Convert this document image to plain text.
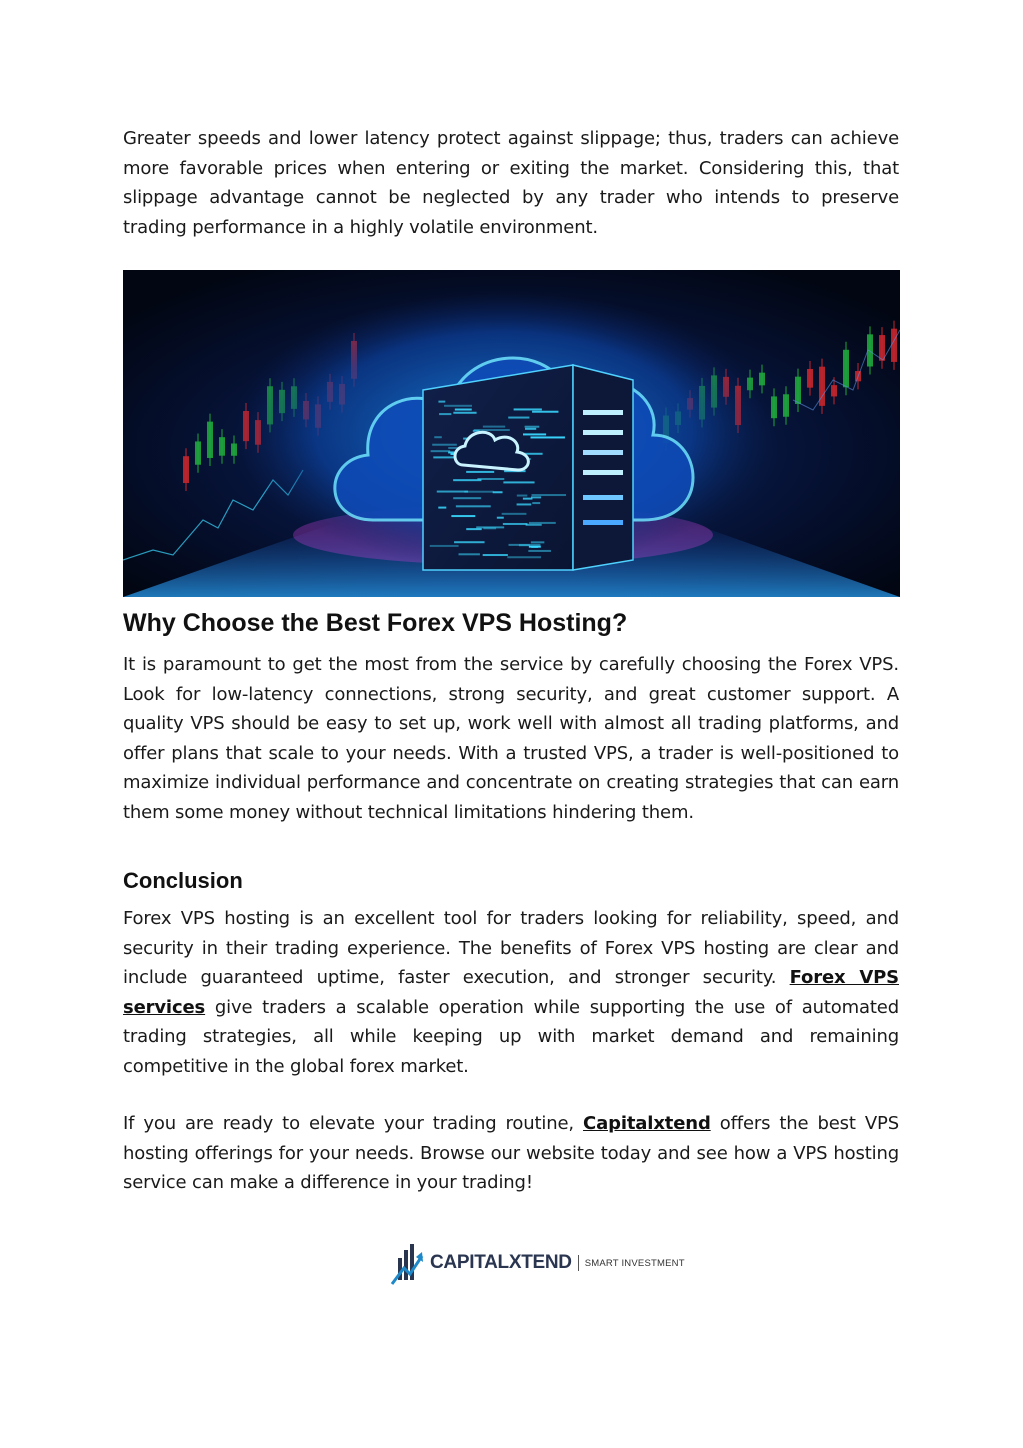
Greater speeds and lower latency protect against slippage; thus, traders can achieve more favorable prices when entering or exiting the market. Considering this, that slippage advantage cannot be neglected by any trader who intends to preserve trading performance in a highly volatile environment.

Why Choose the Best Forex VPS Hosting?

It is paramount to get the most from the service by carefully choosing the Forex VPS. Look for low-latency connections, strong security, and great customer support. A quality VPS should be easy to set up, work well with almost all trading platforms, and offer plans that scale to your needs. With a trusted VPS, a trader is well-positioned to maximize individual performance and concentrate on creating strategies that can earn them some money without technical limitations hindering them.

Conclusion

Forex VPS hosting is an excellent tool for traders looking for reliability, speed, and security in their trading experience. The benefits of Forex VPS hosting are clear and include guaranteed uptime, faster execution, and stronger security. Forex VPS services give traders a scalable operation while supporting the use of automated trading strategies, all while keeping up with market demand and remaining competitive in the global forex market.

If you are ready to elevate your trading routine, Capitalxtend offers the best VPS hosting offerings for your needs. Browse our website today and see how a VPS hosting service can make a difference in your trading!

CAPITALXTEND SMART INVESTMENT
